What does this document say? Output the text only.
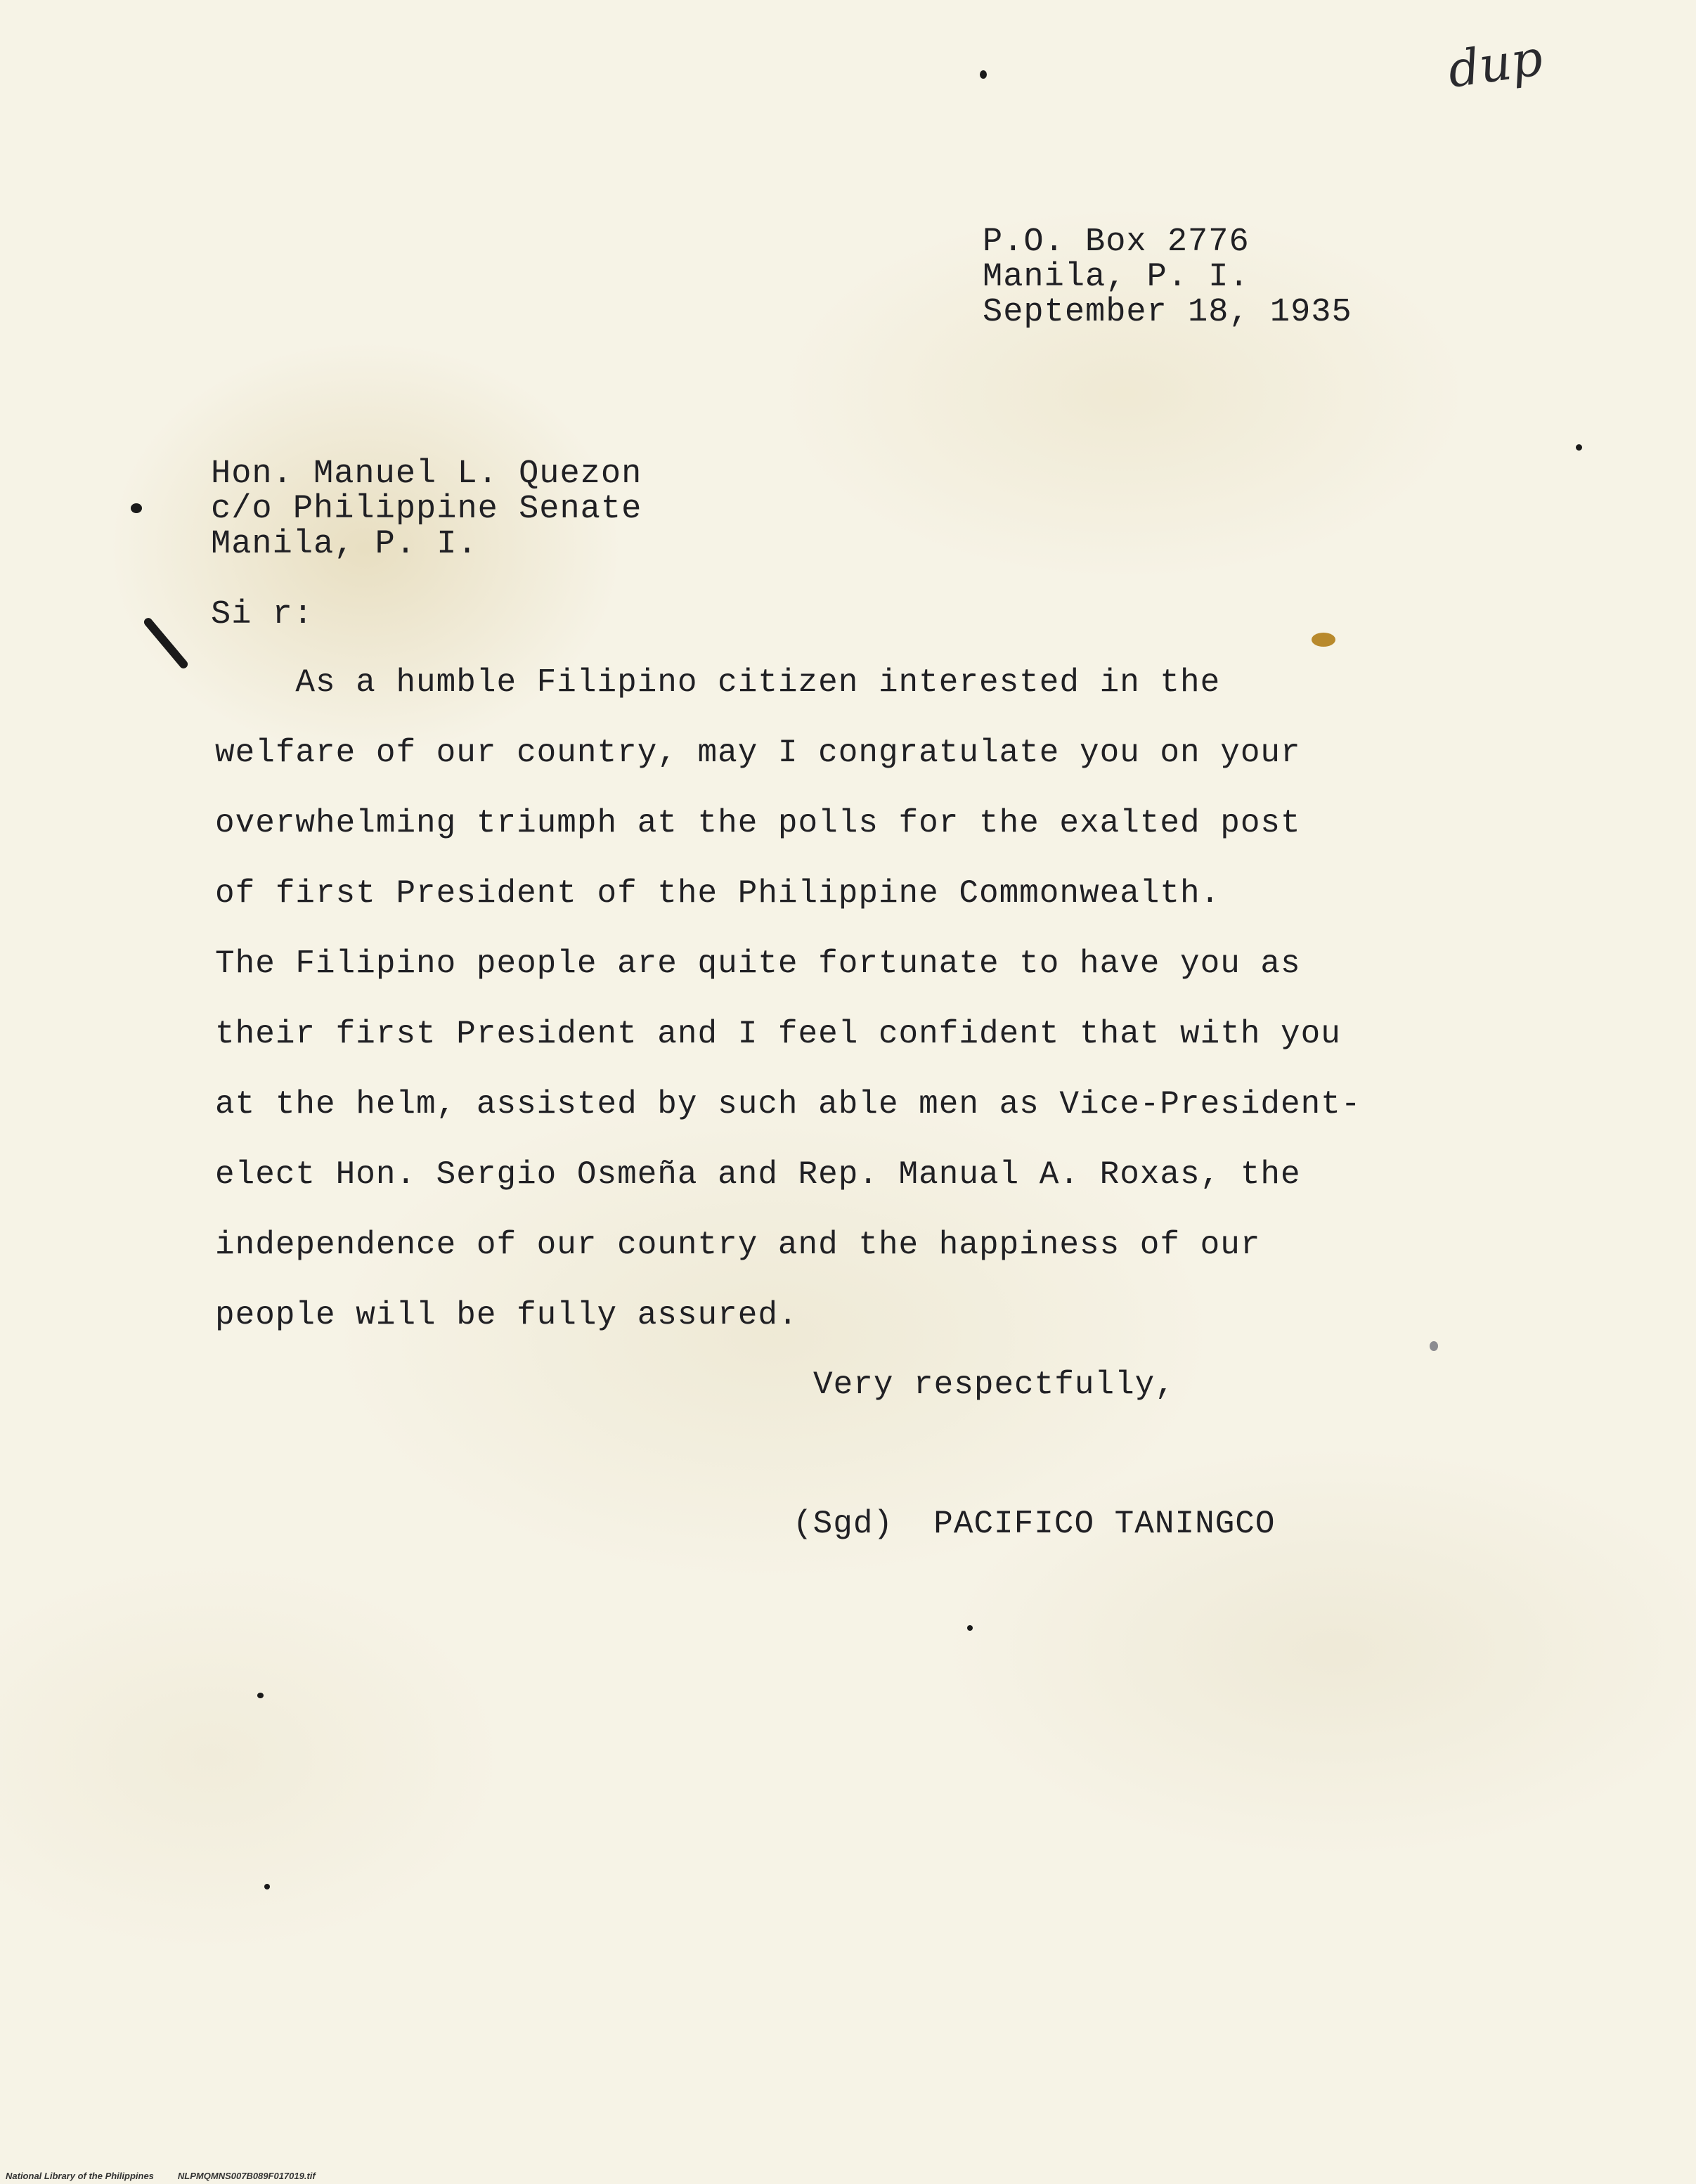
dup
P.O. Box 2776
Manila, P. I.
September 18, 1935
Hon. Manuel L. Quezon
c/o Philippine Senate
Manila, P. I.
Si r:
As a humble Filipino citizen interested in the
welfare of our country, may I congratulate you on your
overwhelming triumph at the polls for the exalted post
of first President of the Philippine Commonwealth.
The Filipino people are quite fortunate to have you as
their first President and I feel confident that with you
at the helm, assisted by such able men as Vice-President-
elect Hon. Sergio Osmeña and Rep. Manual A. Roxas, the
independence of our country and the happiness of our
people will be fully assured.
Very respectfully,
(Sgd)  PACIFICO TANINGCO
National Library of the Philippines	NLPMQMNS007B089F017019.tif
